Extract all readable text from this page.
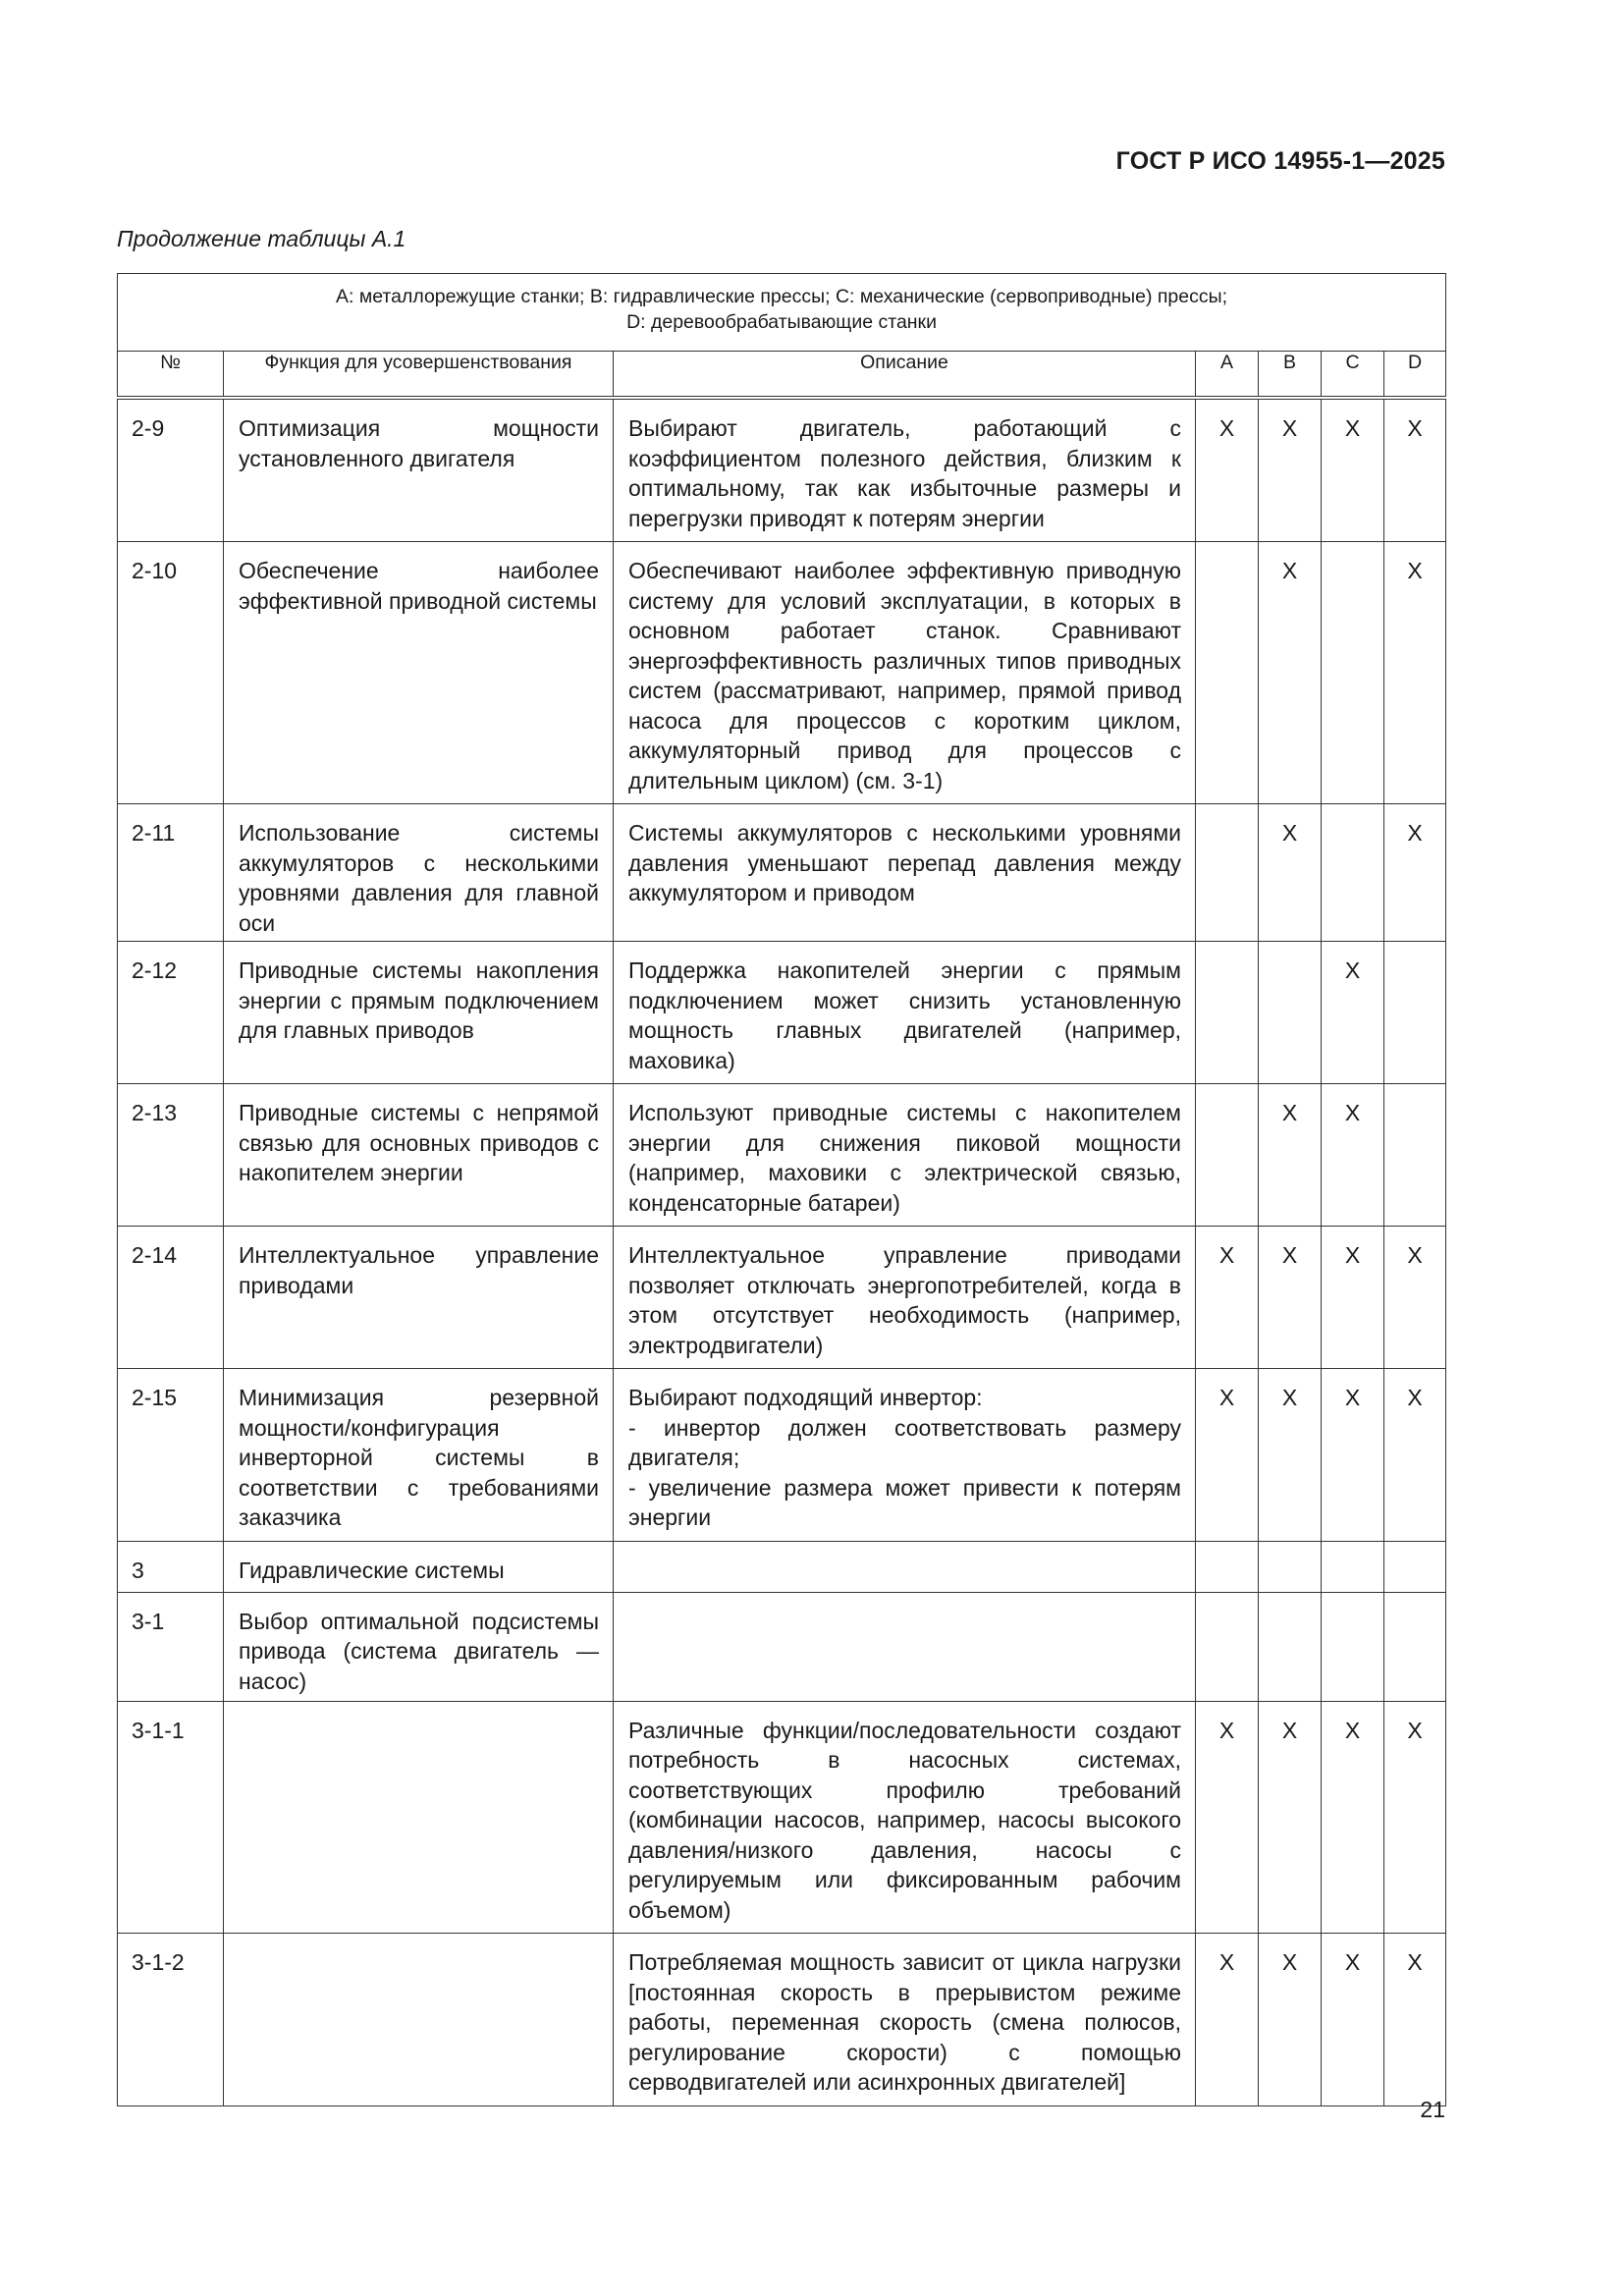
ГОСТ Р ИСО 14955-1—2025
Продолжение таблицы А.1
А: металлорежущие станки; В: гидравлические прессы; С: механические (сервоприводные) прессы;
D: деревообрабатывающие станки						

№	Функция для усовершенствования	Описание	A	B	C	D
2-9	Оптимизация мощности установленного двигателя	Выбирают двигатель, работающий с коэффициентом полезного действия, близким к оптимальному, так как избыточные размеры и перегрузки приводят к потерям энергии	X	X	X	X
2-10	Обеспечение наиболее эффективной приводной системы	Обеспечивают наиболее эффективную приводную систему для условий эксплуатации, в которых в основном работает станок. Сравнивают энергоэффективность различных типов приводных систем (рассматривают, например, прямой привод насоса для процессов с коротким циклом, аккумуляторный привод для процессов с длительным циклом) (см. 3-1)		X		X
2-11	Использование системы аккумуляторов с несколькими уровнями давления для главной оси	Системы аккумуляторов с несколькими уровнями давления уменьшают перепад давления между аккумулятором и приводом		X		X
2-12	Приводные системы накопления энергии с прямым подключением для главных приводов	Поддержка накопителей энергии с прямым подключением может снизить установленную мощность главных двигателей (например, маховика)			X	
2-13	Приводные системы с непрямой связью для основных приводов с накопителем энергии	Используют приводные системы с накопителем энергии для снижения пиковой мощности (например, маховики с электрической связью, конденсаторные батареи)		X	X	
2-14	Интеллектуальное управление приводами	Интеллектуальное управление приводами позволяет отключать энергопотребителей, когда в этом отсутствует необходимость (например, электродвигатели)	X	X	X	X
2-15	Минимизация резервной мощности/конфигурация инверторной системы в соответствии с требованиями заказчика	Выбирают подходящий инвертор:
- инвертор должен соответствовать размеру двигателя;
- увеличение размера может привести к потерям энергии	X	X	X	X
3	Гидравлические системы					
3-1	Выбор оптимальной подсистемы привода (система двигатель — насос)					
3-1-1		Различные функции/последовательности создают потребность в насосных системах, соответствующих профилю требований (комбинации насосов, например, насосы высокого давления/низкого давления, насосы с регулируемым или фиксированным рабочим объемом)	X	X	X	X
3-1-2		Потребляемая мощность зависит от цикла нагрузки [постоянная скорость в прерывистом режиме работы, переменная скорость (смена полюсов, регулирование скорости) с помощью серводвигателей или асинхронных двигателей]	X	X	X	X
21
